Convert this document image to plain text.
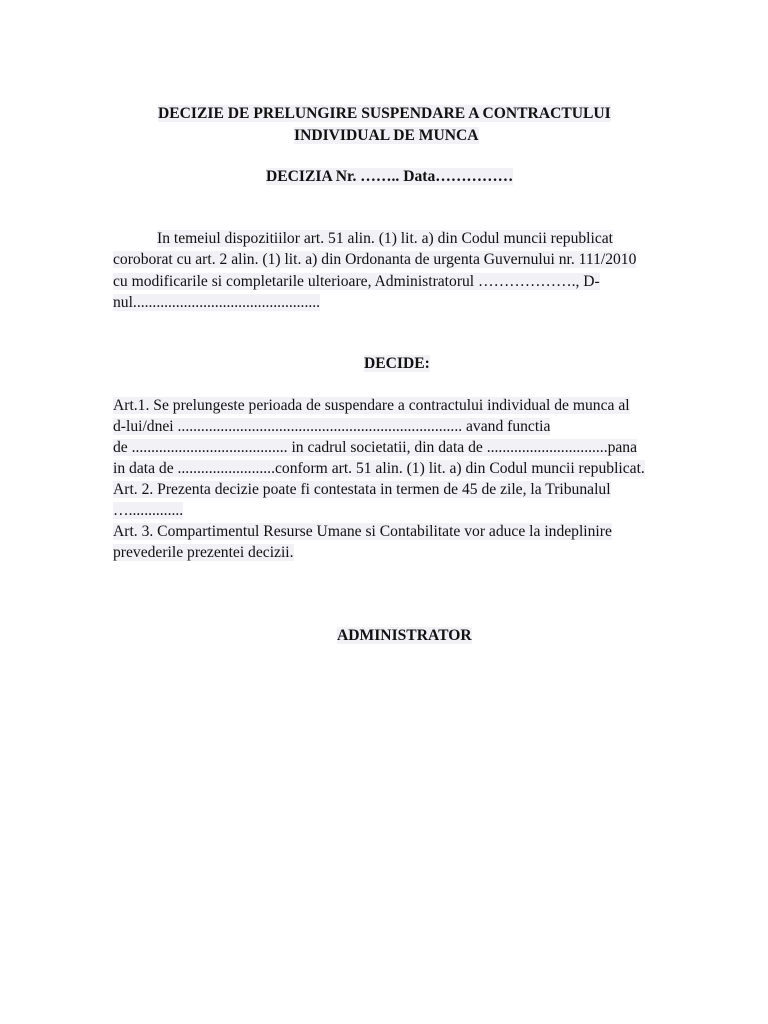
DECIZIE DE PRELUNGIRE SUSPENDARE A CONTRACTULUI
INDIVIDUAL DE MUNCA
DECIZIA Nr. …….. Data……………
In temeiul dispozitiilor art. 51 alin. (1) lit. a) din Codul muncii republicat
coroborat cu art. 2 alin. (1) lit. a) din Ordonanta de urgenta Guvernului nr. 111/2010
cu modificarile si completarile ulterioare, Administratorul ………………., D-
nul................................................
DECIDE:
Art.1. Se prelungeste perioada de suspendare a contractului individual de munca al
d-lui/dnei ......................................................................... avand functia
de ........................................ in cadrul societatii, din data de ...............................pana
in data de .........................conform art. 51 alin. (1) lit. a) din Codul muncii republicat.
Art. 2. Prezenta decizie poate fi contestata in termen de 45 de zile, la Tribunalul
…..............
Art. 3. Compartimentul Resurse Umane si Contabilitate vor aduce la indeplinire
prevederile prezentei decizii.
ADMINISTRATOR
